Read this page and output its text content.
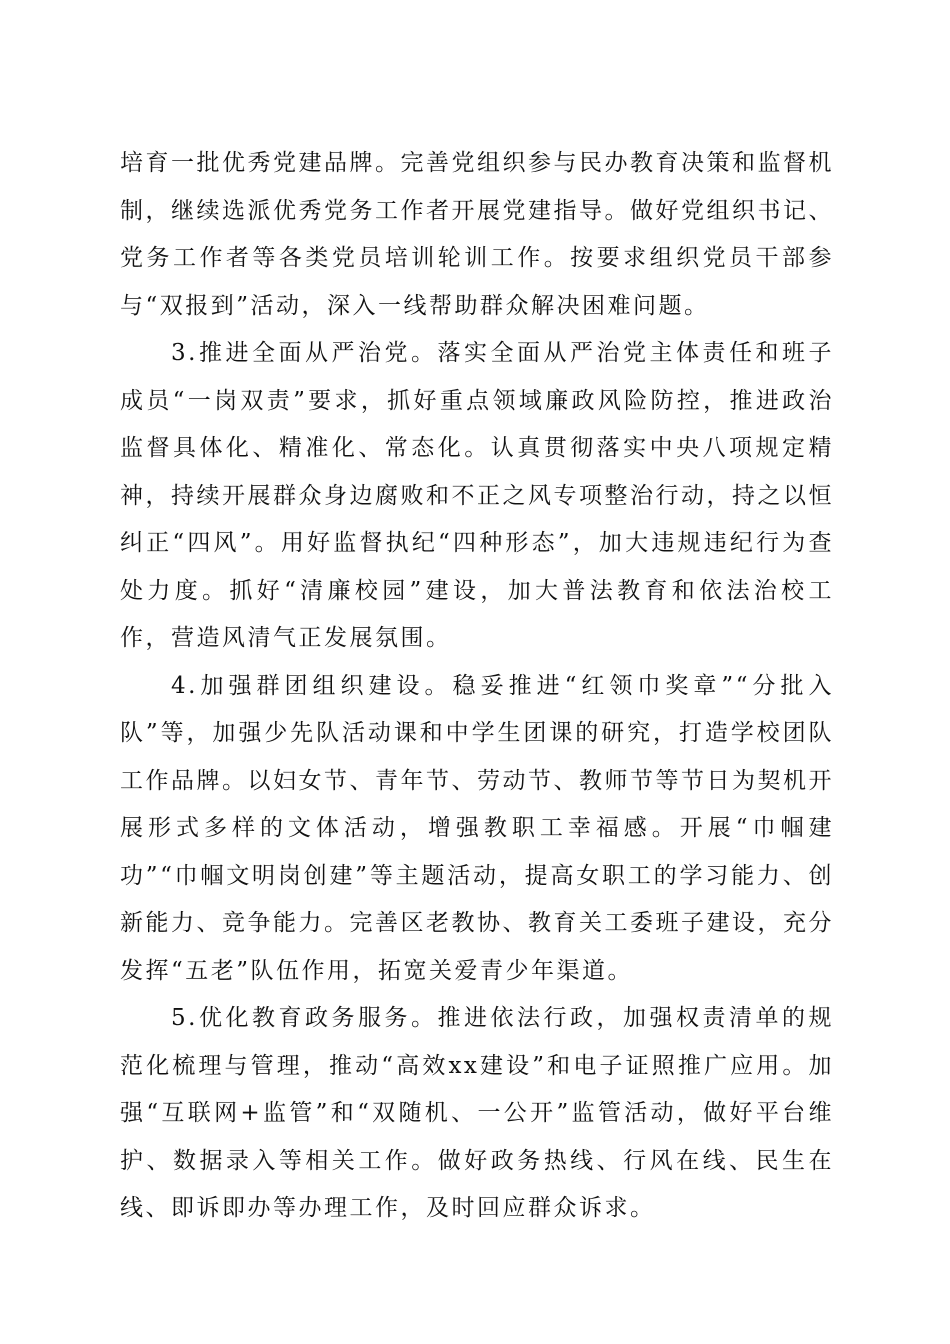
培育一批优秀党建品牌。完善党组织参与民办教育决策和监督机制，继续选派优秀党务工作者开展党建指导。做好党组织书记、党务工作者等各类党员培训轮训工作。按要求组织党员干部参与“双报到”活动，深入一线帮助群众解决困难问题。

3.推进全面从严治党。落实全面从严治党主体责任和班子成员“一岗双责”要求，抓好重点领域廉政风险防控，推进政治监督具体化、精准化、常态化。认真贯彻落实中央八项规定精神，持续开展群众身边腐败和不正之风专项整治行动，持之以恒纠正“四风”。用好监督执纪“四种形态”，加大违规违纪行为查处力度。抓好“清廉校园”建设，加大普法教育和依法治校工作，营造风清气正发展氛围。

4.加强群团组织建设。稳妥推进“红领巾奖章”“分批入队”等，加强少先队活动课和中学生团课的研究，打造学校团队工作品牌。以妇女节、青年节、劳动节、教师节等节日为契机开展形式多样的文体活动，增强教职工幸福感。开展“巾帼建功”“巾帼文明岗创建”等主题活动，提高女职工的学习能力、创新能力、竞争能力。完善区老教协、教育关工委班子建设，充分发挥“五老”队伍作用，拓宽关爱青少年渠道。

5.优化教育政务服务。推进依法行政，加强权责清单的规范化梳理与管理，推动“高效xx建设”和电子证照推广应用。加强“互联网+监管”和“双随机、一公开”监管活动，做好平台维护、数据录入等相关工作。做好政务热线、行风在线、民生在线、即诉即办等办理工作，及时回应群众诉求。
